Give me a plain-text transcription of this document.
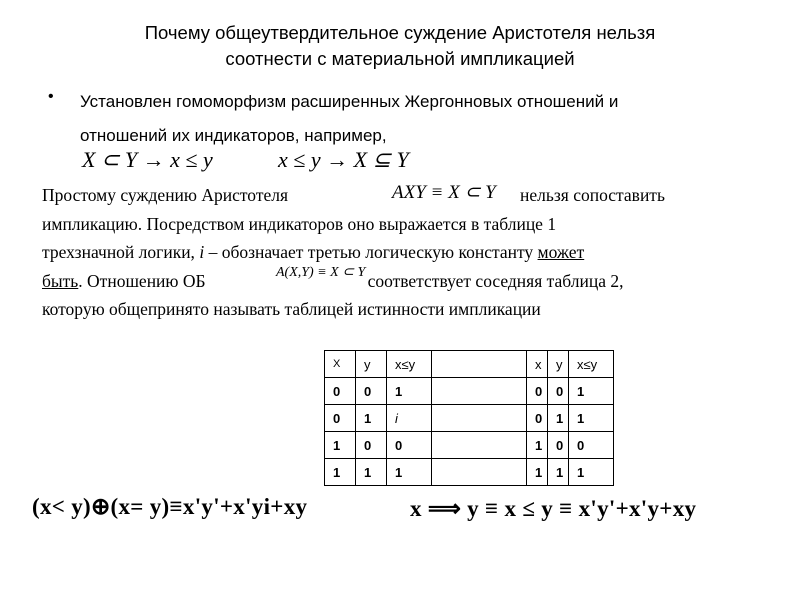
Почему общеутвердительное суждение Аристотеля нельзя
соотнести с материальной импликацией
• Установлен гомоморфизм расширенных Жергонновых отношений и
отношений их индикаторов, например,
X ⊂ Y → x ≤ y	x ≤ y → X ⊆ Y
Простому суждению Аристотеля	нельзя сопоставить
импликацию. Посредством индикаторов оно выражается в таблице 1
трехзначной логики, i – обозначает третью логическую константу может
быть. Отношению ОБ	соответствует соседняя таблица 2,
которую общепринято называть таблицей истинности импликации
AXY ≡ X ⊂ Y
A(X,Y) ≡ X ⊂ Y
X	y	x≤y		x	y	x≤y
0	0	1		0	0	1
0	1	i		0	1	1
1	0	0		1	0	0
1	1	1		1	1	1
(x< y)⊕(x= y)≡x'y'+x'yi+xy	x ⟹ y ≡ x ≤ y ≡ x'y'+x'y+xy
